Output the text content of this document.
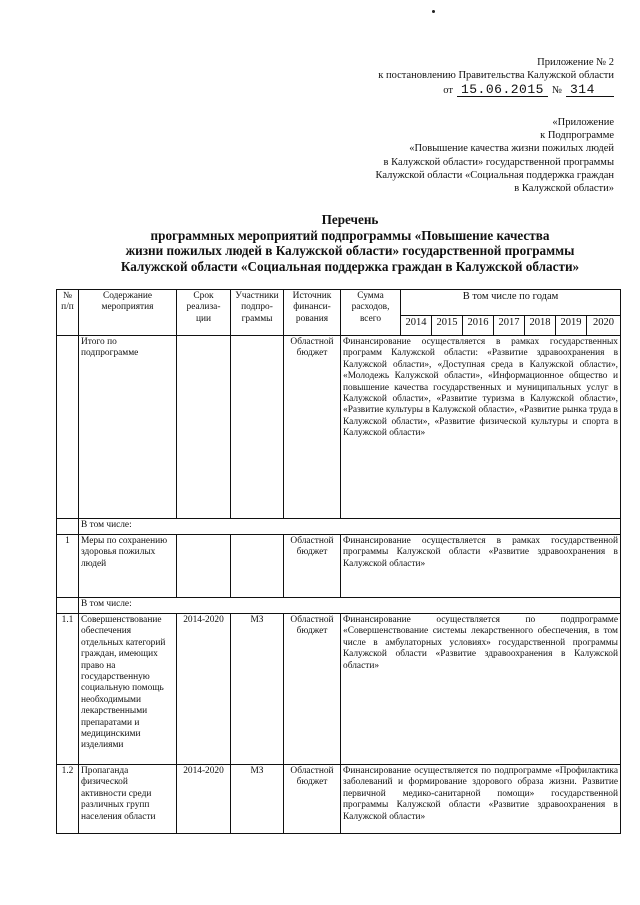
Приложение № 2
к постановлению Правительства Калужской области
от 15.06.2015 № 314
«Приложение
к Подпрограмме
«Повышение качества жизни пожилых людей
в Калужской области» государственной программы
Калужской области «Социальная поддержка граждан
в Калужской области»
Перечень
программных мероприятий подпрограммы «Повышение качества
жизни пожилых людей в Калужской области» государственной программы
Калужской области «Социальная поддержка граждан в Калужской области»
№ п/п	Содержание мероприятия	Срок реализа- ции	Участники подпро- граммы	Источник финанси- рования	Сумма расходов, всего	В том числе по годам						
						2014	2015	2016	2017	2018	2019	2020
	Итого по подпрограмме			Областной бюджет	Финансирование осуществляется в рамках государственных программ Калужской области: «Развитие здравоохранения в Калужской области», «Доступная среда в Калужской области», «Молодежь Калужской области», «Информационное общество и повышение качества государственных и муниципальных услуг в Калужской области», «Развитие туризма в Калужской области», «Развитие культуры в Калужской области», «Развитие рынка труда в Калужской области», «Развитие физической культуры и спорта в Калужской области»							
	В том числе:											
1	Меры по сохранению здоровья пожилых людей			Областной бюджет	Финансирование осуществляется в рамках государственной программы Калужской области «Развитие здравоохранения в Калужской области»							
	В том числе:											
1.1	Совершенствование обеспечения отдельных категорий граждан, имеющих право на государственную социальную помощь необходимыми лекарственными препаратами и медицинскими изделиями	2014-2020	МЗ	Областной бюджет	Финансирование осуществляется по подпрограмме «Совершенствование системы лекарственного обеспечения, в том числе в амбулаторных условиях» государственной программы Калужской области «Развитие здравоохранения в Калужской области»							
1.2	Пропаганда физической активности среди различных групп населения области	2014-2020	МЗ	Областной бюджет	Финансирование осуществляется по подпрограмме «Профилактика заболеваний и формирование здорового образа жизни. Развитие первичной медико-санитарной помощи» государственной программы Калужской области «Развитие здравоохранения в Калужской области»							
